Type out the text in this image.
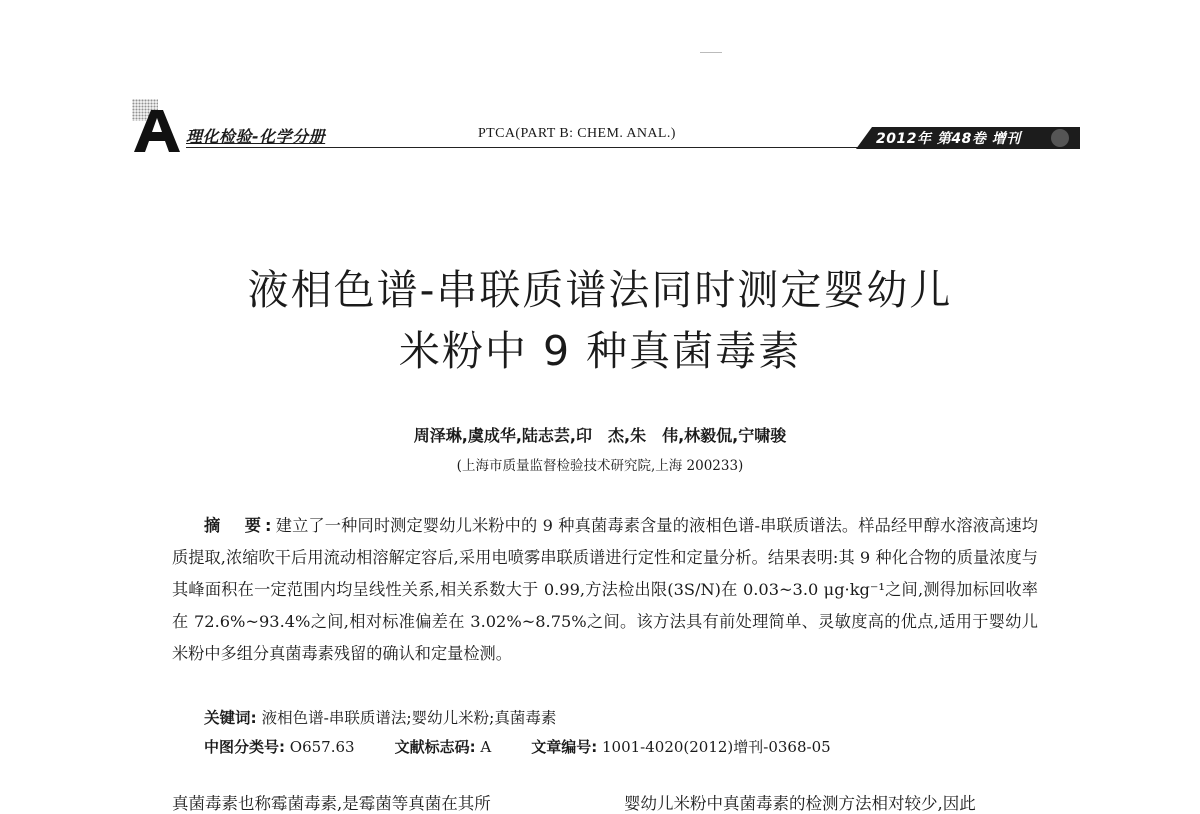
理化检验-化学分册	PTCA(PART B: CHEM. ANAL.)	2012年 第48卷 增刊
液相色谱-串联质谱法同时测定婴幼儿
米粉中 9 种真菌毒素
周泽琳,虞成华,陆志芸,印　杰,朱　伟,林毅侃,宁啸骏
(上海市质量监督检验技术研究院,上海 200233)
摘　要:建立了一种同时测定婴幼儿米粉中的 9 种真菌毒素含量的液相色谱-串联质谱法。样品经甲醇水溶液高速均质提取,浓缩吹干后用流动相溶解定容后,采用电喷雾串联质谱进行定性和定量分析。结果表明:其 9 种化合物的质量浓度与其峰面积在一定范围内均呈线性关系,相关系数大于 0.99,方法检出限(3S/N)在 0.03~3.0 μg·kg⁻¹之间,测得加标回收率在 72.6%~93.4%之间,相对标准偏差在 3.02%~8.75%之间。该方法具有前处理简单、灵敏度高的优点,适用于婴幼儿米粉中多组分真菌毒素残留的确认和定量检测。
关键词: 液相色谱-串联质谱法;婴幼儿米粉;真菌毒素
中图分类号: O657.63	文献标志码: A	文章编号: 1001-4020(2012)增刊-0368-05
真菌毒素也称霉菌毒素,是霉菌等真菌在其所	婴幼儿米粉中真菌毒素的检测方法相对较少,因此
